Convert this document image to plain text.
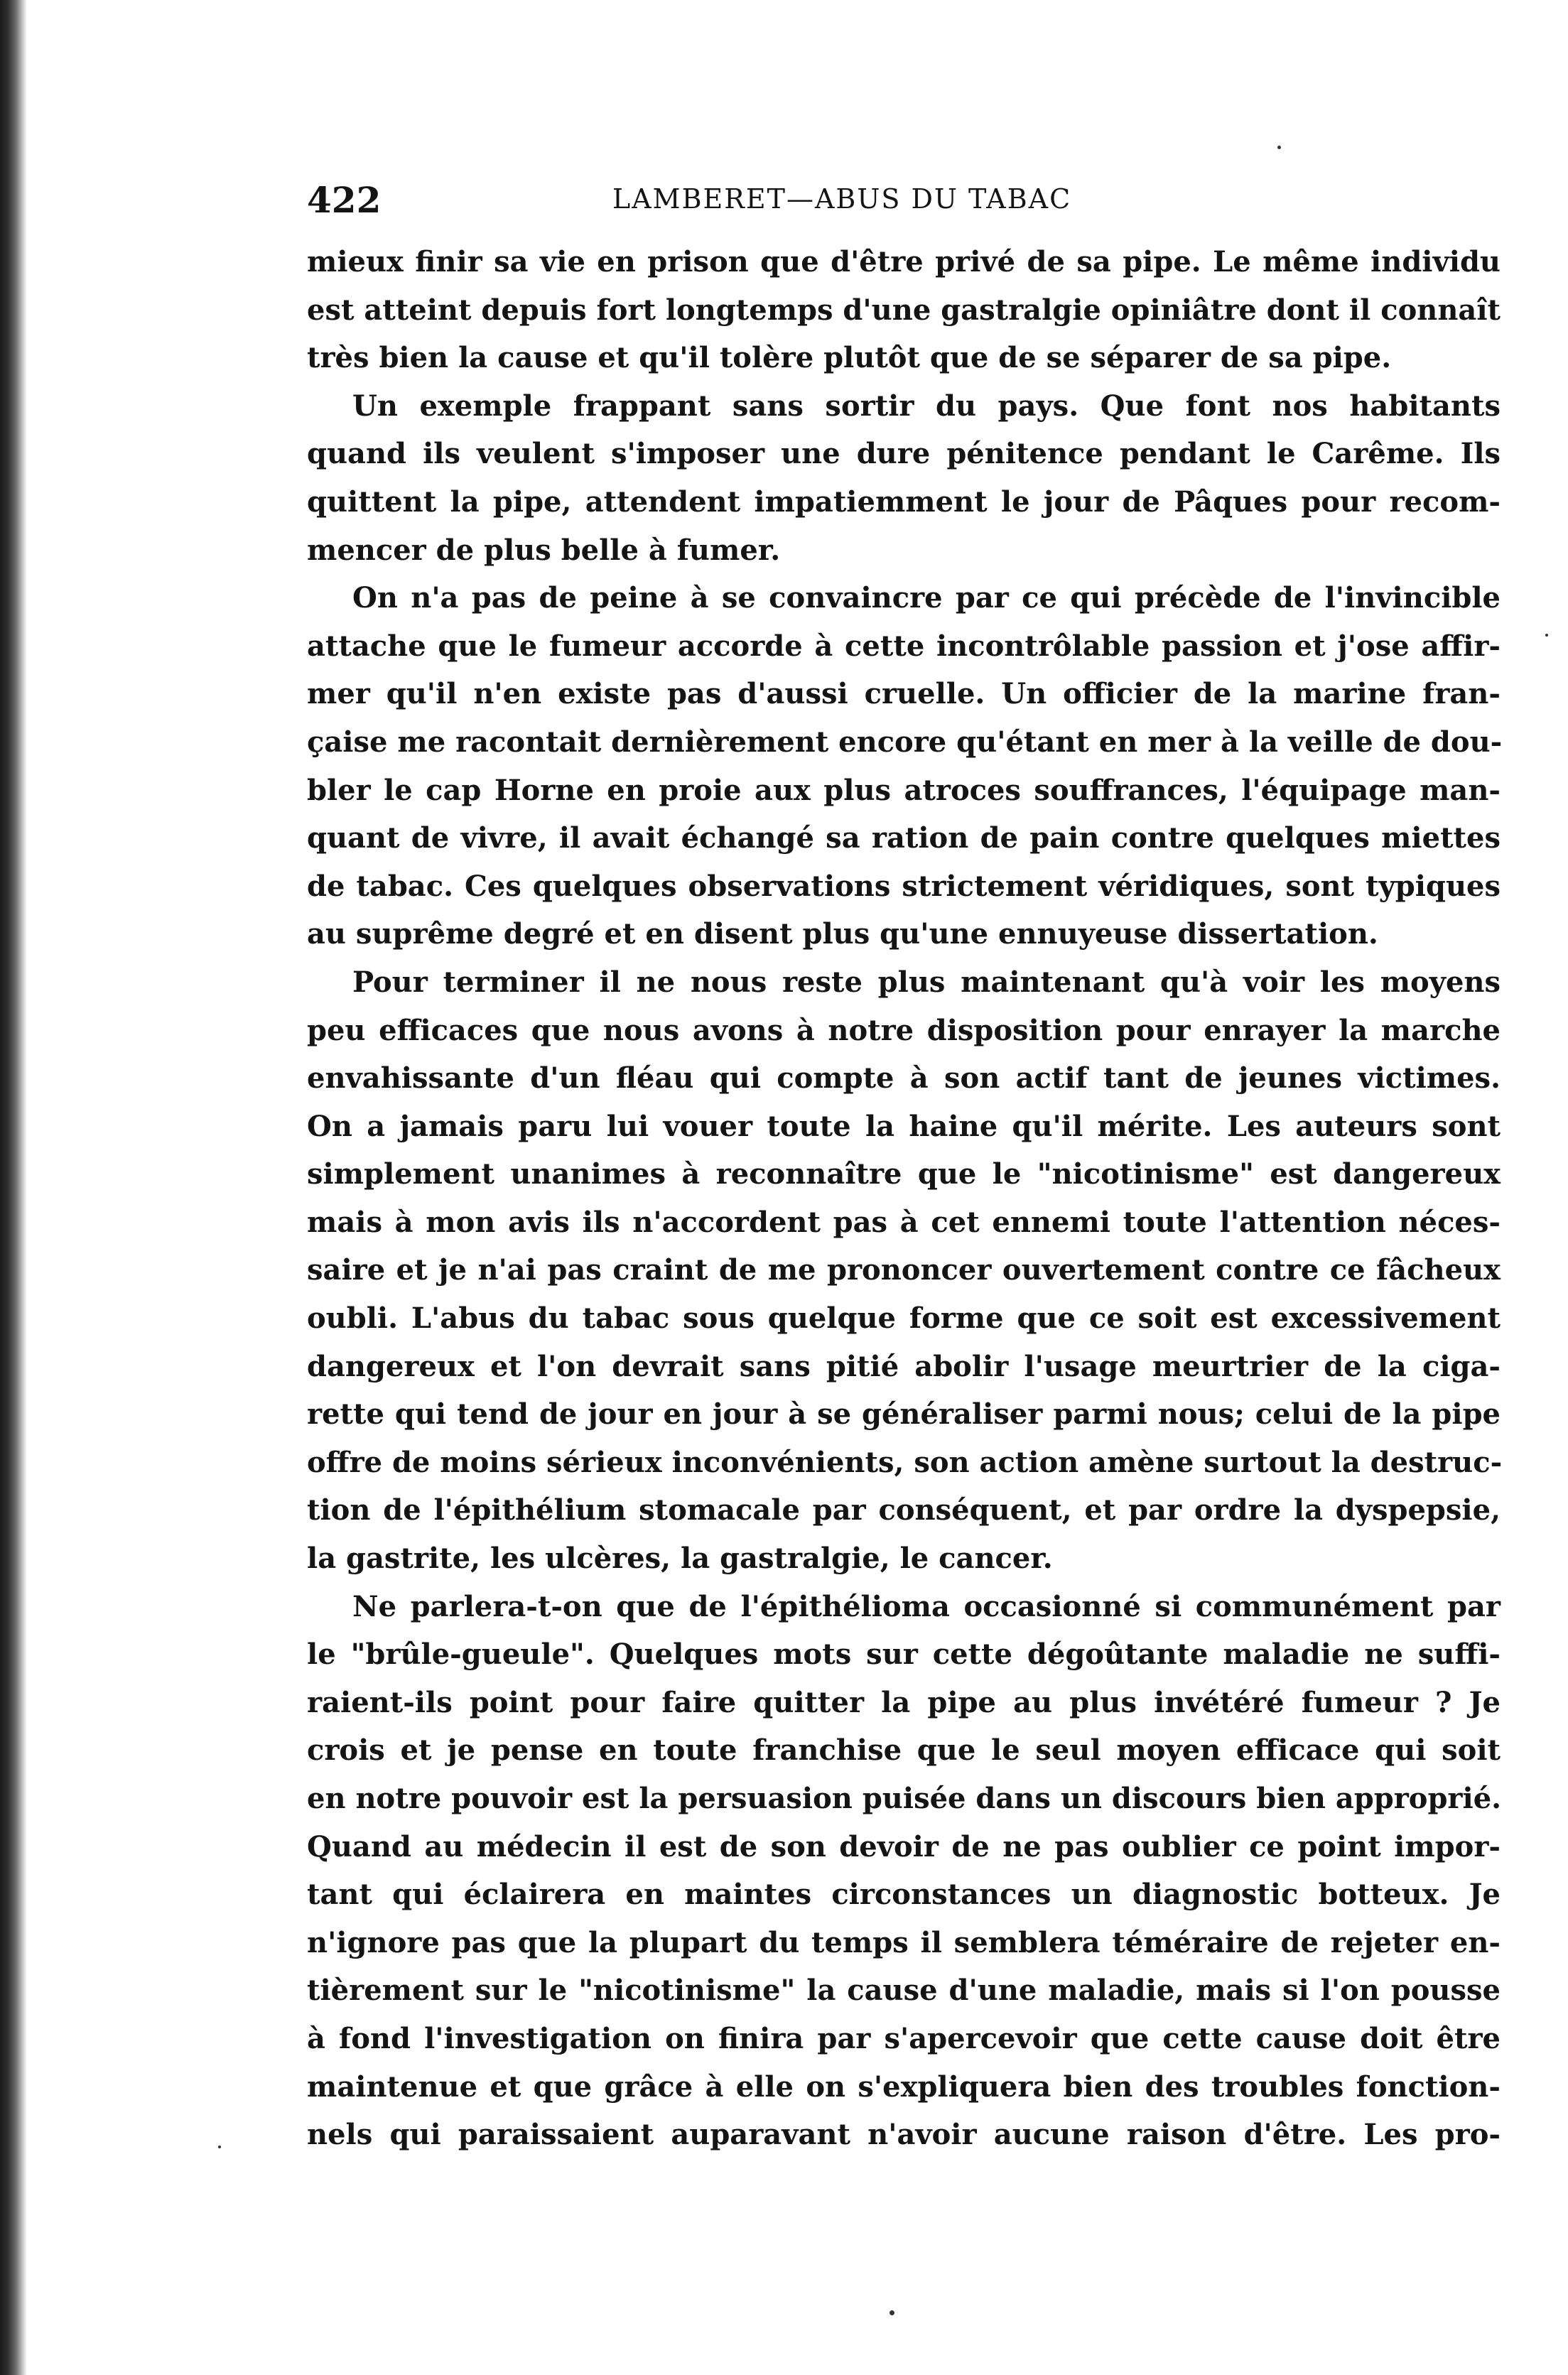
422	LAMBERET—ABUS DU TABAC
mieux finir sa vie en prison que d'être privé de sa pipe. Le même individu
est atteint depuis fort longtemps d'une gastralgie opiniâtre dont il connaît
très bien la cause et qu'il tolère plutôt que de se séparer de sa pipe.
Un exemple frappant sans sortir du pays. Que font nos habitants
quand ils veulent s'imposer une dure pénitence pendant le Carême. Ils
quittent la pipe, attendent impatiemment le jour de Pâques pour recom-
mencer de plus belle à fumer.
On n'a pas de peine à se convaincre par ce qui précède de l'invincible
attache que le fumeur accorde à cette incontrôlable passion et j'ose affir-
mer qu'il n'en existe pas d'aussi cruelle. Un officier de la marine fran-
çaise me racontait dernièrement encore qu'étant en mer à la veille de dou-
bler le cap Horne en proie aux plus atroces souffrances, l'équipage man-
quant de vivre, il avait échangé sa ration de pain contre quelques miettes
de tabac. Ces quelques observations strictement véridiques, sont typiques
au suprême degré et en disent plus qu'une ennuyeuse dissertation.
Pour terminer il ne nous reste plus maintenant qu'à voir les moyens
peu efficaces que nous avons à notre disposition pour enrayer la marche
envahissante d'un fléau qui compte à son actif tant de jeunes victimes.
On a jamais paru lui vouer toute la haine qu'il mérite. Les auteurs sont
simplement unanimes à reconnaître que le "nicotinisme" est dangereux
mais à mon avis ils n'accordent pas à cet ennemi toute l'attention néces-
saire et je n'ai pas craint de me prononcer ouvertement contre ce fâcheux
oubli. L'abus du tabac sous quelque forme que ce soit est excessivement
dangereux et l'on devrait sans pitié abolir l'usage meurtrier de la ciga-
rette qui tend de jour en jour à se généraliser parmi nous; celui de la pipe
offre de moins sérieux inconvénients, son action amène surtout la destruc-
tion de l'épithélium stomacale par conséquent, et par ordre la dyspepsie,
la gastrite, les ulcères, la gastralgie, le cancer.
Ne parlera-t-on que de l'épithélioma occasionné si communément par
le "brûle-gueule". Quelques mots sur cette dégoûtante maladie ne suffi-
raient-ils point pour faire quitter la pipe au plus invétéré fumeur ? Je
crois et je pense en toute franchise que le seul moyen efficace qui soit
en notre pouvoir est la persuasion puisée dans un discours bien approprié.
Quand au médecin il est de son devoir de ne pas oublier ce point impor-
tant qui éclairera en maintes circonstances un diagnostic botteux. Je
n'ignore pas que la plupart du temps il semblera téméraire de rejeter en-
tièrement sur le "nicotinisme" la cause d'une maladie, mais si l'on pousse
à fond l'investigation on finira par s'apercevoir que cette cause doit être
maintenue et que grâce à elle on s'expliquera bien des troubles fonction-
nels qui paraissaient auparavant n'avoir aucune raison d'être. Les pro-
